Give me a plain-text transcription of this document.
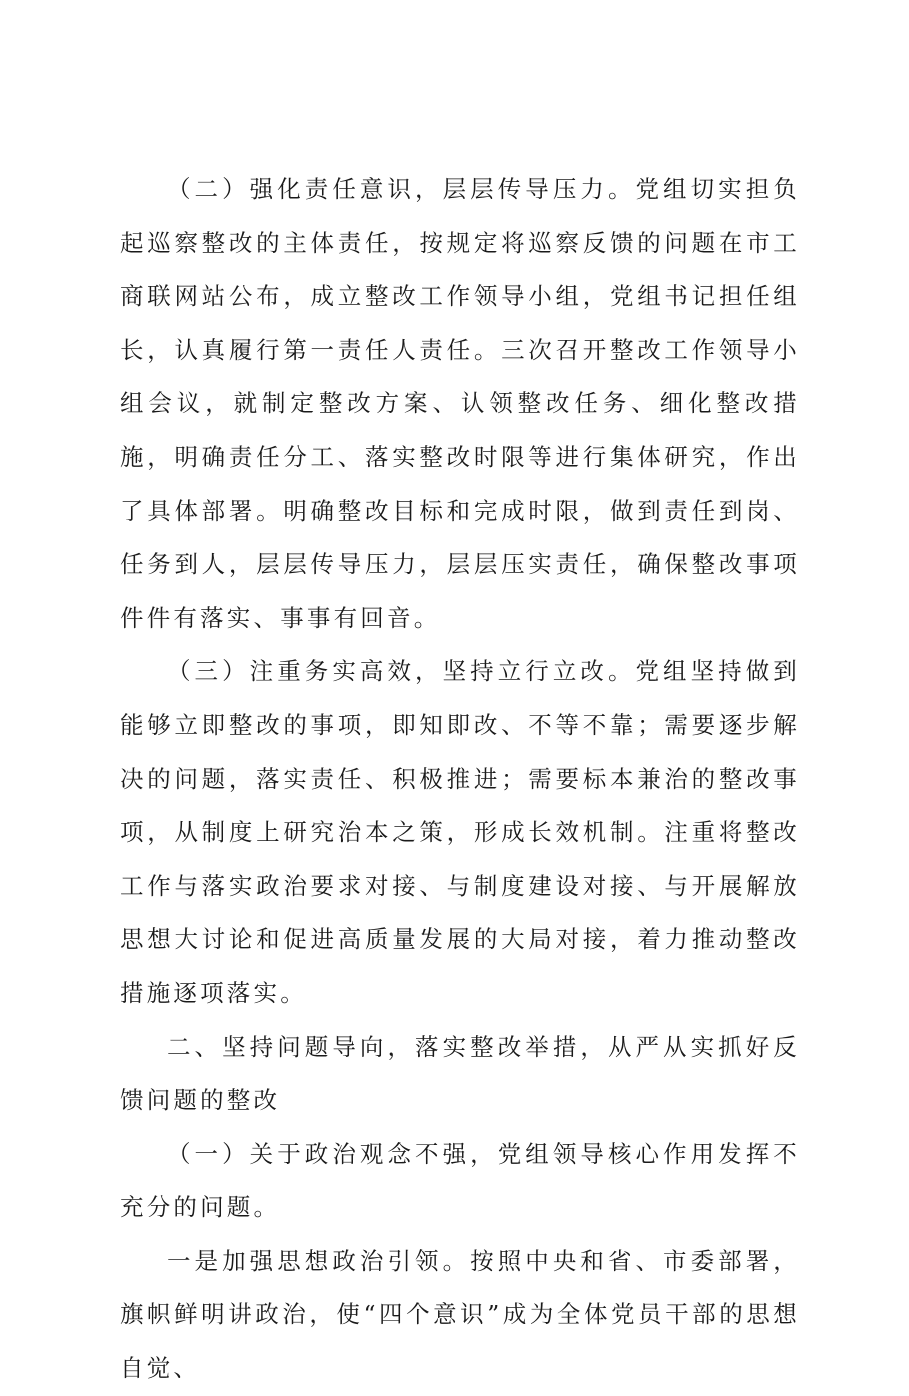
（二）强化责任意识，层层传导压力。党组切实担负起巡察整改的主体责任，按规定将巡察反馈的问题在市工商联网站公布，成立整改工作领导小组，党组书记担任组长，认真履行第一责任人责任。三次召开整改工作领导小组会议，就制定整改方案、认领整改任务、细化整改措施，明确责任分工、落实整改时限等进行集体研究，作出了具体部署。明确整改目标和完成时限，做到责任到岗、任务到人，层层传导压力，层层压实责任，确保整改事项件件有落实、事事有回音。

（三）注重务实高效，坚持立行立改。党组坚持做到能够立即整改的事项，即知即改、不等不靠；需要逐步解决的问题，落实责任、积极推进；需要标本兼治的整改事项，从制度上研究治本之策，形成长效机制。注重将整改工作与落实政治要求对接、与制度建设对接、与开展解放思想大讨论和促进高质量发展的大局对接，着力推动整改措施逐项落实。

二、坚持问题导向，落实整改举措，从严从实抓好反馈问题的整改

（一）关于政治观念不强，党组领导核心作用发挥不充分的问题。

一是加强思想政治引领。按照中央和省、市委部署，旗帜鲜明讲政治，使“四个意识”成为全体党员干部的思想自觉、
